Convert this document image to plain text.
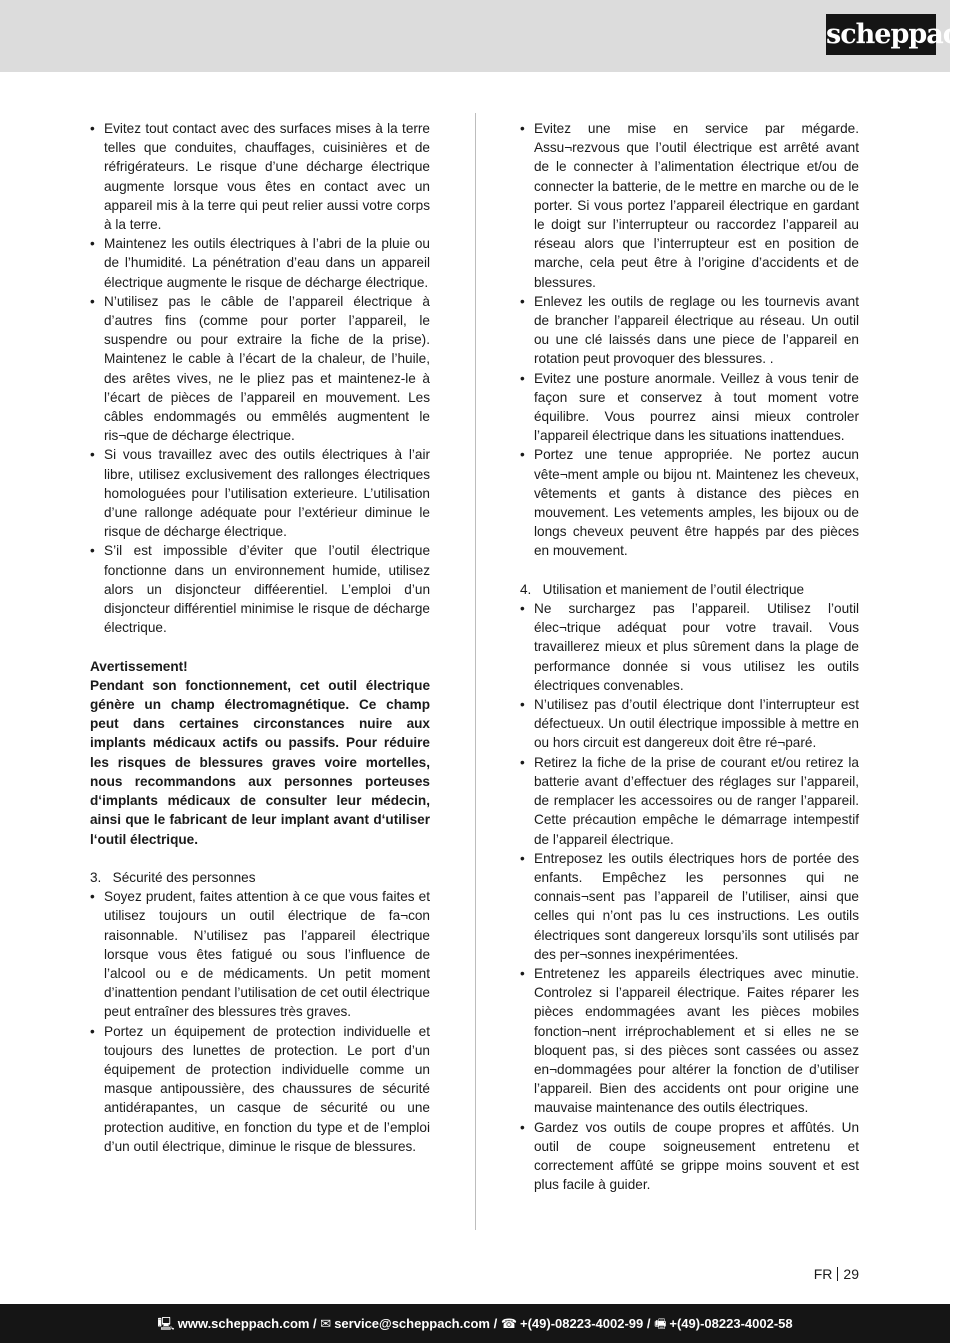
scheppach
• Evitez tout contact avec des surfaces mises à la terre telles que conduites, chauffages, cuisinières et de réfrigérateurs. Le risque d’une décharge électrique augmente lorsque vous êtes en contact avec un appareil mis à la terre qui peut relier aussi votre corps à la terre.
• Maintenez les outils électriques à l’abri de la pluie ou de l’humidité. La pénétration d’eau dans un appareil électrique augmente le risque de décharge électrique.
• N’utilisez pas le câble de l’appareil électrique à d’autres fins (comme pour porter l’appareil, le suspendre ou pour extraire la fiche de la prise). Maintenez le cable à l’écart de la chaleur, de l’huile, des arêtes vives, ne le pliez pas et maintenez-le à l’écart de pièces de l’appareil en mouvement. Les câbles endommagés ou emmêlés augmentent le ris¬que de décharge électrique.
• Si vous travaillez avec des outils électriques à l’air libre, utilisez exclusivement des rallonges électriques homologuées pour l’utilisation exterieure. L’utilisation d’une rallonge adéquate pour l’extérieur diminue le risque de décharge électrique.
• S’il est impossible d’éviter que l’outil électrique fonctionne dans un environnement humide, utilisez alors un disjoncteur difféerentiel. L’emploi d’un disjoncteur différentiel minimise le risque de décharge électrique.
Avertissement!
Pendant son fonctionnement, cet outil électrique génère un champ électromagnétique. Ce champ peut dans certaines circonstances nuire aux implants médicaux actifs ou passifs. Pour réduire les risques de blessures graves voire mortelles, nous recommandons aux personnes porteuses d‘implants médicaux de consulter leur médecin, ainsi que le fabricant de leur implant avant d‘utiliser l‘outil électrique.
3.   Sécurité des personnes
• Soyez prudent, faites attention à ce que vous faites et utilisez toujours un outil électrique de fa¬con raisonnable. N’utilisez pas l’appareil électrique lorsque vous êtes fatigué ou sous l’influence de l’alcool ou e de médicaments. Un petit moment d’inattention pendant l’utilisation de cet outil électrique peut entraîner des blessures très graves.
• Portez un équipement de protection individuelle et toujours des lunettes de protection. Le port d’un équipement de protection individuelle comme un masque antipoussière, des chaussures de sécurité antidérapantes, un casque de sécurité ou une protection auditive, en fonction du type et de l’emploi d’un outil électrique, diminue le risque de blessures.
• Evitez une mise en service par mégarde. Assu¬rezvous que l’outil électrique est arrêté avant de le connecter à l’alimentation électrique et/ou de connecter la batterie, de le mettre en marche ou de le porter. Si vous portez l’appareil électrique en gardant le doigt sur l’interrupteur ou raccordez l’appareil au réseau alors que l’interrupteur est en position de marche, cela peut être à l’origine d’accidents et de blessures.
• Enlevez les outils de reglage ou les tournevis avant de brancher l’appareil électrique au réseau. Un outil ou une clé laissés dans une piece de l’appareil en rotation peut provoquer des blessures. .
• Evitez une posture anormale. Veillez à vous tenir de façon sure et conservez à tout moment votre équilibre. Vous pourrez ainsi mieux controler l’appareil électrique dans les situations inattendues.
• Portez une tenue appropriée. Ne portez aucun vête¬ment ample ou bijou nt. Maintenez les cheveux, vêtements et gants à distance des pièces en mouvement. Les vetements amples, les bijoux ou de longs cheveux peuvent être happés par des pièces en mouvement.
4.   Utilisation et maniement de l’outil électrique
• Ne surchargez pas l’appareil. Utilisez l’outil élec¬trique adéquat pour votre travail. Vous travaillerez mieux et plus sûrement dans la plage de performance donnée si vous utilisez les outils électriques convenables.
• N’utilisez pas d’outil électrique dont l’interrupteur est défectueux. Un outil électrique impossible à mettre en ou hors circuit est dangereux doit être ré¬paré.
• Retirez la fiche de la prise de courant et/ou retirez la batterie avant d’effectuer des réglages sur l’appareil, de remplacer les accessoires ou de ranger l’appareil. Cette précaution empêche le démarrage intempestif de l’appareil électrique.
• Entreposez les outils électriques hors de portée des enfants. Empêchez les personnes qui ne connais¬sent pas l’appareil de l’utiliser, ainsi que celles qui n’ont pas lu ces instructions. Les outils électriques sont dangereux lorsqu’ils sont utilisés par des per¬sonnes inexpérimentées.
• Entretenez les appareils électriques avec minutie. Controlez si l’appareil électrique. Faites réparer les pièces endommagées avant les pièces mobiles fonction¬nent irréprochablement et si elles ne se bloquent pas, si des pièces sont cassées ou assez en¬dommagées pour altérer la fonction de d’utiliser l’appareil. Bien des accidents ont pour origine une mauvaise maintenance des outils électriques.
• Gardez vos outils de coupe propres et affûtés. Un outil de coupe soigneusement entretenu et correctement affûté se grippe moins souvent et est plus facile à guider.
FR 29
🖳 www.scheppach.com / ✉ service@scheppach.com / ☎ +(49)-08223-4002-99 / 🖷 +(49)-08223-4002-58
